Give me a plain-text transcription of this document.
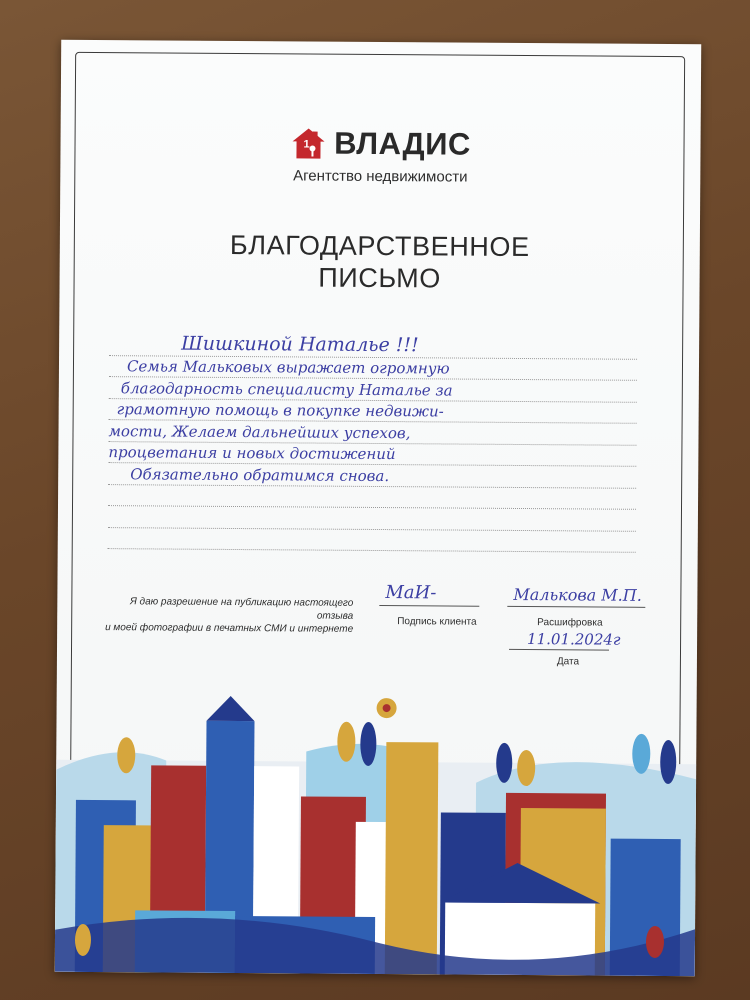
1 ВЛАДИС
Агентство недвижимости
БЛАГОДАРСТВЕННОЕ
ПИСЬМО
Шишкиной Наталье !!!
Семья Мальковых выражает огромную
благодарность специалисту Наталье за
грамотную помощь в покупке недвижи-
мости, Желаем дальнейших успехов,
процветания и новых достижений
Обязательно обратимся снова.
Я даю разрешение на публикацию настоящего отзыва
и моей фотографии в печатных СМИ и интернете
МаИ-
Подпись клиента
Малькова М.П.
Расшифровка
11.01.2024г
Дата
